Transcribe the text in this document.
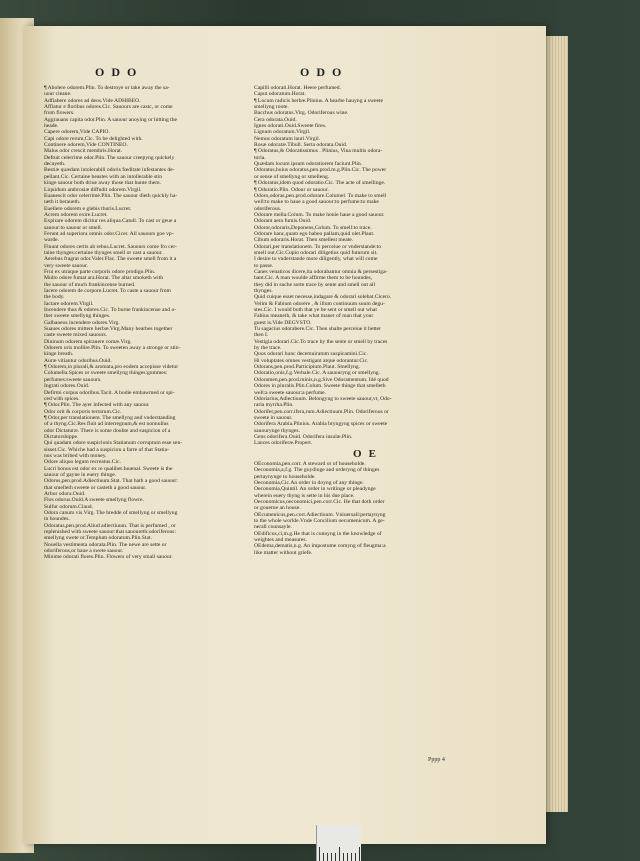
ODO	ODO

¶ Abolere odorem.Plin. To destroye or take away the sa-

uour cleane.

Adfiabere odores ad deos.Vide ADHIBEO.

Afflatur e floribus odores.Cic. Sauours are castc, or come

from flowers.

Aggrauans capita odor.Plin. A sauour anoying or hitting the

heade.

Capere odorem,Vide CAPIO.

Capi odore rerum,Cic. To be delighted with.

Continere odorem,Vide CONTINEO.

Malus odor crescit membris.Horat.

Deftuit celerrime odor.Plin. The sauour creepyng quickely

decayeth.

Bestiæ quædam intolerabili odoris fœditate infestantes de-

pellant.Cic. Certaine beastes with an intollerable stin

kinge sauour both driue away those that hunte them.

Liquidum ambrosiæ diffudit odorem.Virgil.

Euanescit odor celerrimè.Plin. The sauour dieth quickly ha-

ueth it beraueth.

Euellere odorem e glebis thuris.Lucret.

Acrem odorem exire.Lucret.

Expirare odorem dicitur res aliqua.Catull. To cast or geue a

sauour:to sauour or smell.

Ferunt ad superiora omnis odor.Cicer. All sauours goe vp-

warde.

Fluunt odores certis ab rebus.Lucret. Sauours come fro cer-

taine thynges:certaine thynges smell or cast a sauour.

Aerebus fragrat odor.Valer.Flac. The sweete smell from it a

very sweete sauour.

Frui ex utraque parte corporis odore prodigo.Plin.

Multo odore fumat ara.Horat. The altar smoketh with

the sauour of much frankincense burned.

Iacere odorem de corpore.Lucret. To caste a sauour from

the body.

Iactare odorem.Virgil.

Incendere thus & odores.Cic. To burne frankincense and o-

ther sweete smellyng thinges.

Galbaneos incendere odores.Virg.

Suaues odores mittere herbæ.Virg.Many hearbes together

caste sweete mixed sauours.

Diuinum odorem spirauere comæ.Virg.

Odorem oris mollire.Plin. To sweeten away a stronge or stin-

kinge breath.

Auræ vitiantur odoribus.Ouid.

¶ Odorem,in pluralí,& aromata,pro eodem accepisse videtur

Columella.Spices or sweete smellyng thinges:gummes:

perfumes:sweete sauours.

Ingrati odores.Ouid.

Defirmi corpus odoribus.Tacit. A bodie embawmed or spi-

ced with spices.

¶ Odor.Plin. The ayer infected with any sauour.

Odor orit & corporis terrarum.Cic.

¶ Odor,per translationem. The smellyng and vnderstanding

of a thyng.Cic.Res fluit ad interregnum,& est nonnullus

odor Dictaturæ. There is some doubte and suspicion of a

Dictatorshippe.

Qui quadam odore suspicionis Statianum corruptum esse sen-

sisset.Cic. Whiche had a suspicion a farre of that Statia-

nus was bribed with money.

Odore aliquo legum recreatus.Cic.

Lucri bonus est odor ex re qualibet.Iuuenal. Sweete is the

sauour of gayne in euery thinge.

Odorus,pen.prod.Adiectiuum.Stat. That hath a good sauour:

that smelleth sweete or casteth a good sauour.

Arbor odora.Ouid.

Flos odorus.Ouid.A sweete smellyng flowre.

Sulfur odorum.Claud.

Odora canum vis.Virg. The bredde of smellyng or smellyng

in houndes.

Odoratus,pen.prod.Aliud adiectiuum. That is perfumed , or

replenished with sweete sauour:that sauoureth:odoriferous:

smellyng swete or.Templum odoratum.Plin.Stat.

Nouella vestimenta odorata.Plin. The newe are sette or

odoriferous,or haue a swete sauour.

Minime odorati flores.Plin. Flowers of very small sauour.

Capilli odorati.Horat. Heere perfumed.

Caput odoratum.Horat.

¶ Locum radicis herbæ.Plinius. A hearbe hauyng a sweete

smellyng roote.

Bacchus odoratus.Virg. Odoriferous wine.

Cera odorata.Ouid.

Ignes odorati.Ouid.Sweete fires.

Lignum odoratum.Virgil.

Nemus odoratum lauri.Virgil.

Rosæ odoratæ.Tibull. Serta odorata.Ouid.

¶ Odoratus,& Odoratissimus . Plinius, Vina multis odora-

toria.

Quædam locum ipsum odoratiorem faciunt.Plin.

Odoratus,huius odoratus,pen.prod.m.g.Plin.Cic. The power

or sense of smellyng or smelleng.

¶ Odoratus,idem quod odoratio.Cic. The acte of smellinge.

¶ Odoratio.Plin. Odour or sauour.

Odoro,odoras,pen.prod.odorare.Columel. To make to smell

well:to make to haue a good sauour:to perfume:to make

odoriferous.

Odorare mella.Colum. To make honie haue a good sauour.

Odorant aera fumis.Ouid.

Odoror,odoraris,Deponens,Colum. To smell:to trace.

Odorare hanc,quam ego habeo pallam,quid olet.Plaut.

Cibum odoraris.Horat. Then smellest meate.

Odorari,per translationem. To perceiue or vnderstande:to

smell out.Cic.Cupio odorari diligetius quid futurum sit.

I desire to vnderstande more diligently, what will come

to passe.

Canes venaticos dicere,ita odorabantur omnia & persestiga-

bant.Cic. A man woulde affirme them to be houndes,

they did in suche sorte trace by sente and smell out all

thynges.

Quid cuique esset necesse,indagare & odorari solebat.Cicero.

Velim & Fabium odorére , & illum continuum suum degu-

stes.Cic. I would both that ye be sent or smell out what

Fabius meaneth, & take what maner of man that your

guest is.Vide DEGVSTO.

Tu sagacius odorabere.Cic. Then shalte perceiue it better

then I.

Vestigia odorari.Cic.To trace by the sente or smell by traces

by the trace.

Quos odorari hunc decemuiratum suspicamini.Cic.

Hi voluptates omnes vestigant atque odorantur.Cic.

Odorans,pen.prod.Participium.Plaut. Smellyng.

Odoratio,onis,f.g.Verbale.Cic. A sauouryng or smellyng.

Odoramen,pen.prod.minis,n.g.Sive Odoramentum. Idé quod

Odores in pluralis.Plin.Colum. Sweete thinge that smelleth

well:a sweete sauour:a perfume.

Odoriarius,Adiectiuum. Belongyng to sweete sauour,vt, Odo-

raria myrrha.Plin.

Odorifer,pen.corr.ifera,rum.Adiectiuum.Plin. Odoriferous or

sweete in sauour.

Odorifera Arabia.Plinius. Arabia bryngyng spices or sweete

sauourynge thynges.

Gens odorifera.Ouid. Odorifera insulæ.Plin.

Lances odoriferæ.Propert.

OE

OEconomia,pen.corr. A steward or of householde.

Oeconomia,a,f.g. The guydinge and orderyng of thinges

pertaynynge to householde.

Oeconomia,Cic.An order in doyng of any thinge.

Oeconomia,Quintil. An order in writinge or pleadynge

wherein euery thyng is sette in his due place.

Oeconomicus,oeconomici,pen.corr.Cic. He that doth order

or gouerne an house.

OEcumenicus,pen.corr.Adiectiuum. Vniuersall:pertaynyng

to the whole worlde.Vnde Concilium oecumenicum. A ge-

nerall counsayle.

OEdificus,ci,m.g.He that is cunnyng in the knowledge of

weightes and measures.

OEdema,dematis,n.g. An impostume comyng of fleugma:a

like matter without griefe.

Pppp 4
